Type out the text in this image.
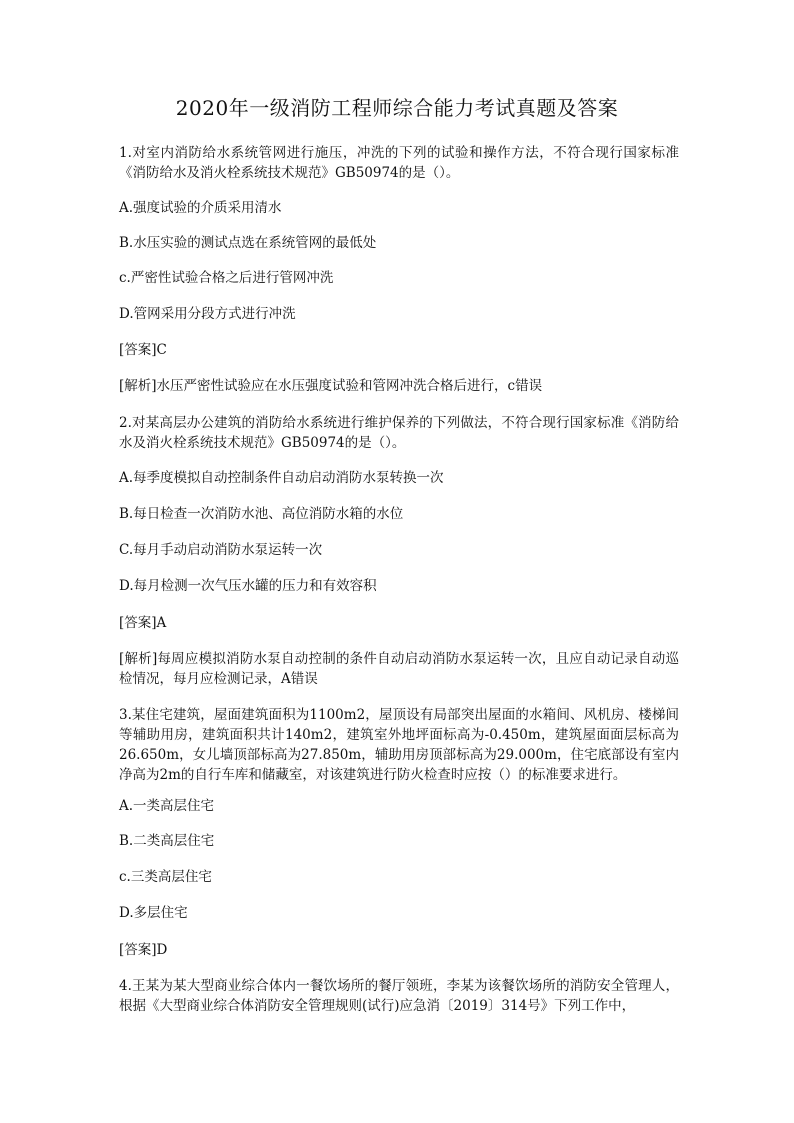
2020年一级消防工程师综合能力考试真题及答案
1.对室内消防给水系统管网进行施压，冲洗的下列的试验和操作方法，不符合现行国家标准《消防给水及消火栓系统技术规范》GB50974的是（）。
A.强度试验的介质采用清水
B.水压实验的测试点选在系统管网的最低处
c.严密性试验合格之后进行管网冲洗
D.管网采用分段方式进行冲洗
[答案]C
[解析]水压严密性试验应在水压强度试验和管网冲洗合格后进行，c错误
2.对某高层办公建筑的消防给水系统进行维护保养的下列做法，不符合现行国家标准《消防给水及消火栓系统技术规范》GB50974的是（）。
A.每季度模拟自动控制条件自动启动消防水泵转换一次
B.每日检查一次消防水池、高位消防水箱的水位
C.每月手动启动消防水泵运转一次
D.每月检测一次气压水罐的压力和有效容积
[答案]A
[解析]每周应模拟消防水泵自动控制的条件自动启动消防水泵运转一次，且应自动记录自动巡检情况，每月应检测记录，A错误
3.某住宅建筑，屋面建筑面积为1100m2，屋顶设有局部突出屋面的水箱间、风机房、楼梯间等辅助用房，建筑面积共计140m2，建筑室外地坪面标高为-0.450m，建筑屋面面层标高为26.650m，女儿墙顶部标高为27.850m，辅助用房顶部标高为29.000m，住宅底部设有室内净高为2m的自行车库和储藏室，对该建筑进行防火检查时应按（）的标准要求进行。
A.一类高层住宅
B.二类高层住宅
c.三类高层住宅
D.多层住宅
[答案]D
4.王某为某大型商业综合体内一餐饮场所的餐厅领班，李某为该餐饮场所的消防安全管理人，根据《大型商业综合体消防安全管理规则(试行)应急消〔2019〕314号》下列工作中，
